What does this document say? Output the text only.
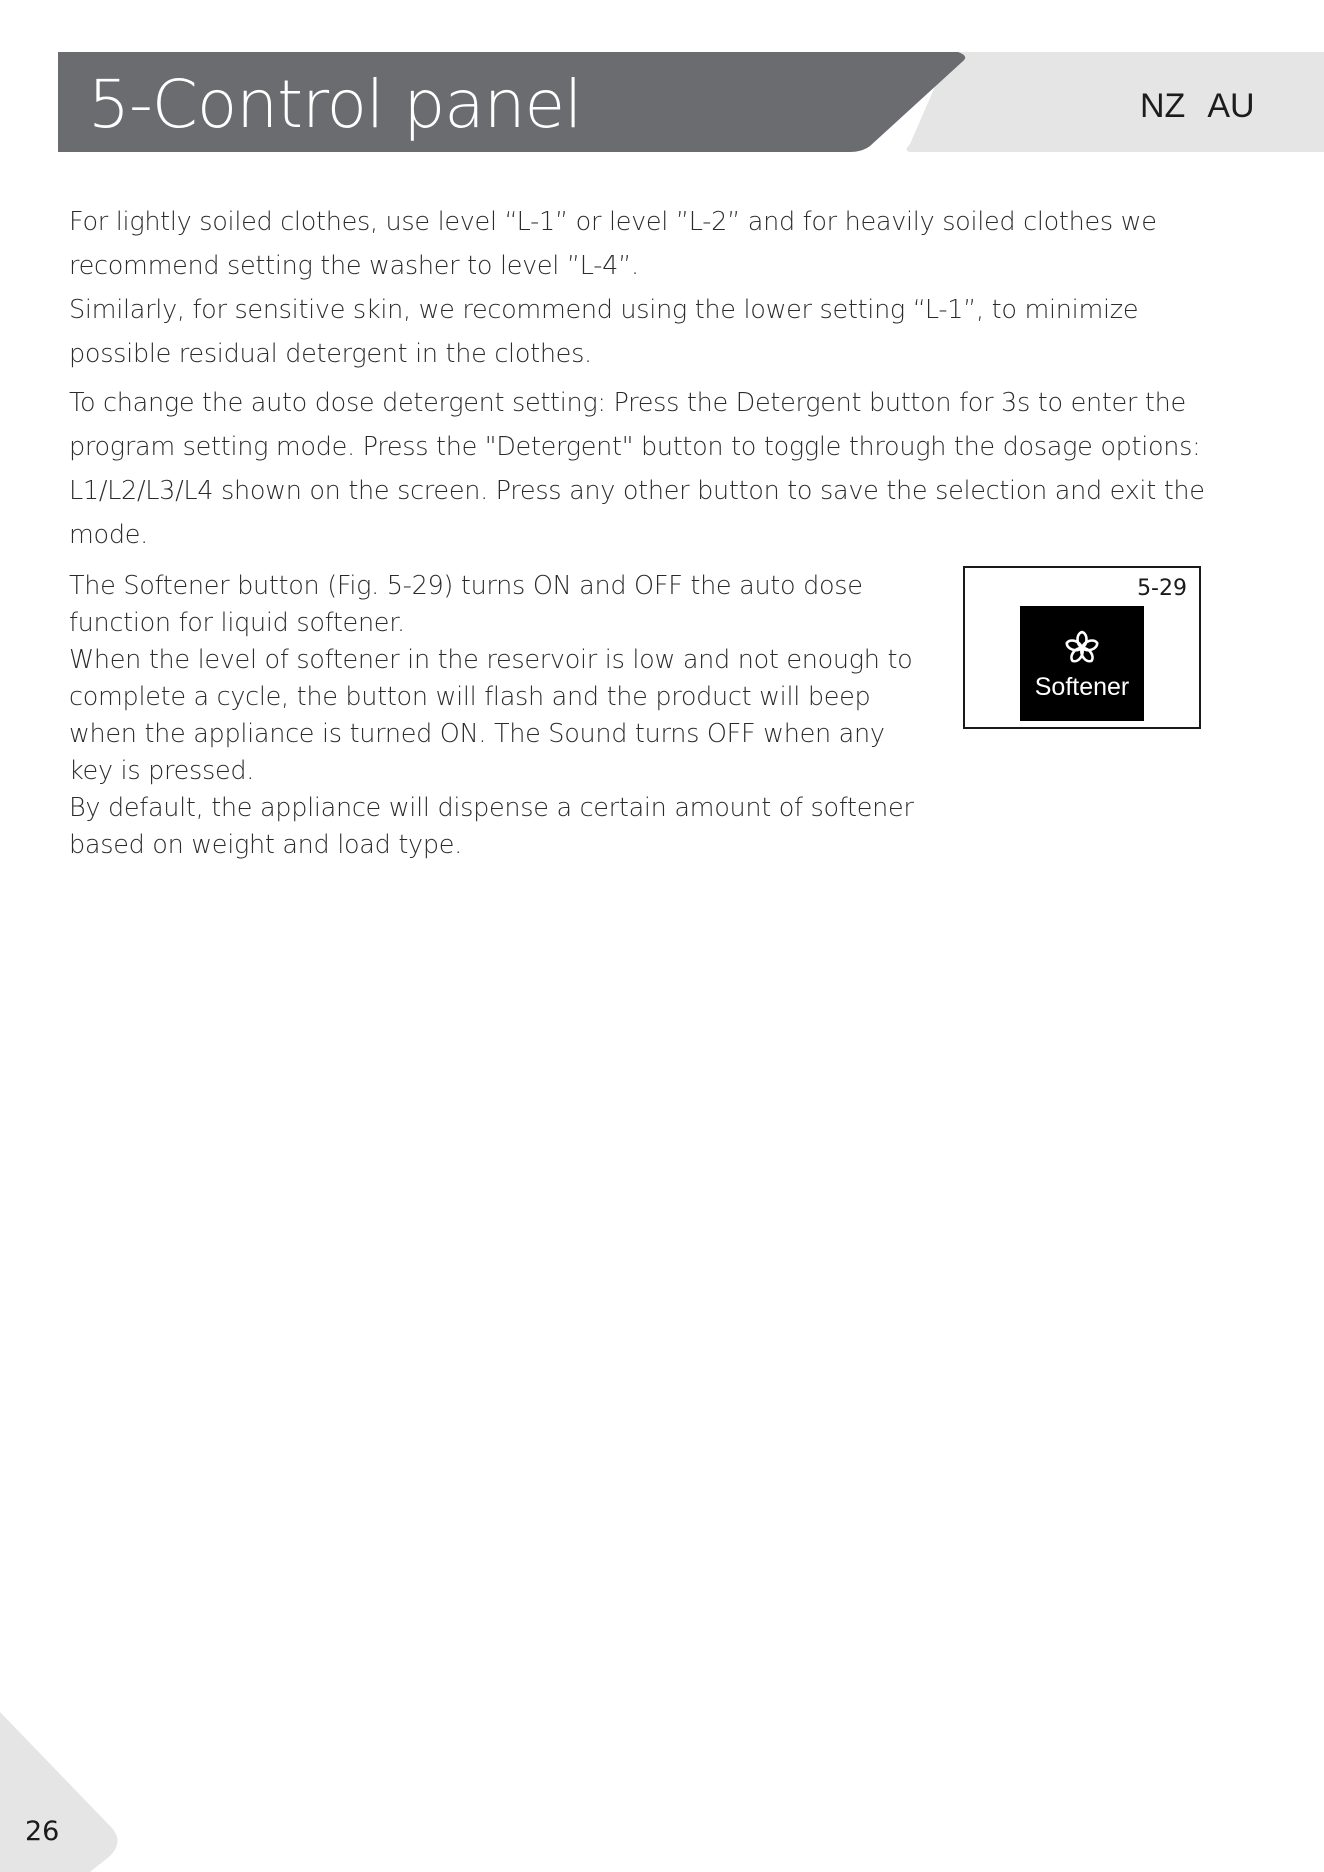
5-Control panel	NZ AU

For lightly soiled clothes, use level “L-1” or level ”L-2” and for heavily soiled clothes we recommend setting the washer to level ”L-4”.

Similarly, for sensitive skin, we recommend using the lower setting “L-1”, to minimize possible residual detergent in the clothes.

To change the auto dose detergent setting: Press the Detergent button for 3s to enter the program setting mode. Press the "Detergent" button to toggle through the dosage options: L1/L2/L3/L4 shown on the screen. Press any other button to save the selection and exit the mode.

The Softener button (Fig. 5-29) turns ON and OFF the auto dose function for liquid softener.

When the level of softener in the reservoir is low and not enough to complete a cycle, the button will flash and the product will beep when the appliance is turned ON. The Sound turns OFF when any key is pressed.

By default, the appliance will dispense a certain amount of softener based on weight and load type.

5-29
Softener
26
